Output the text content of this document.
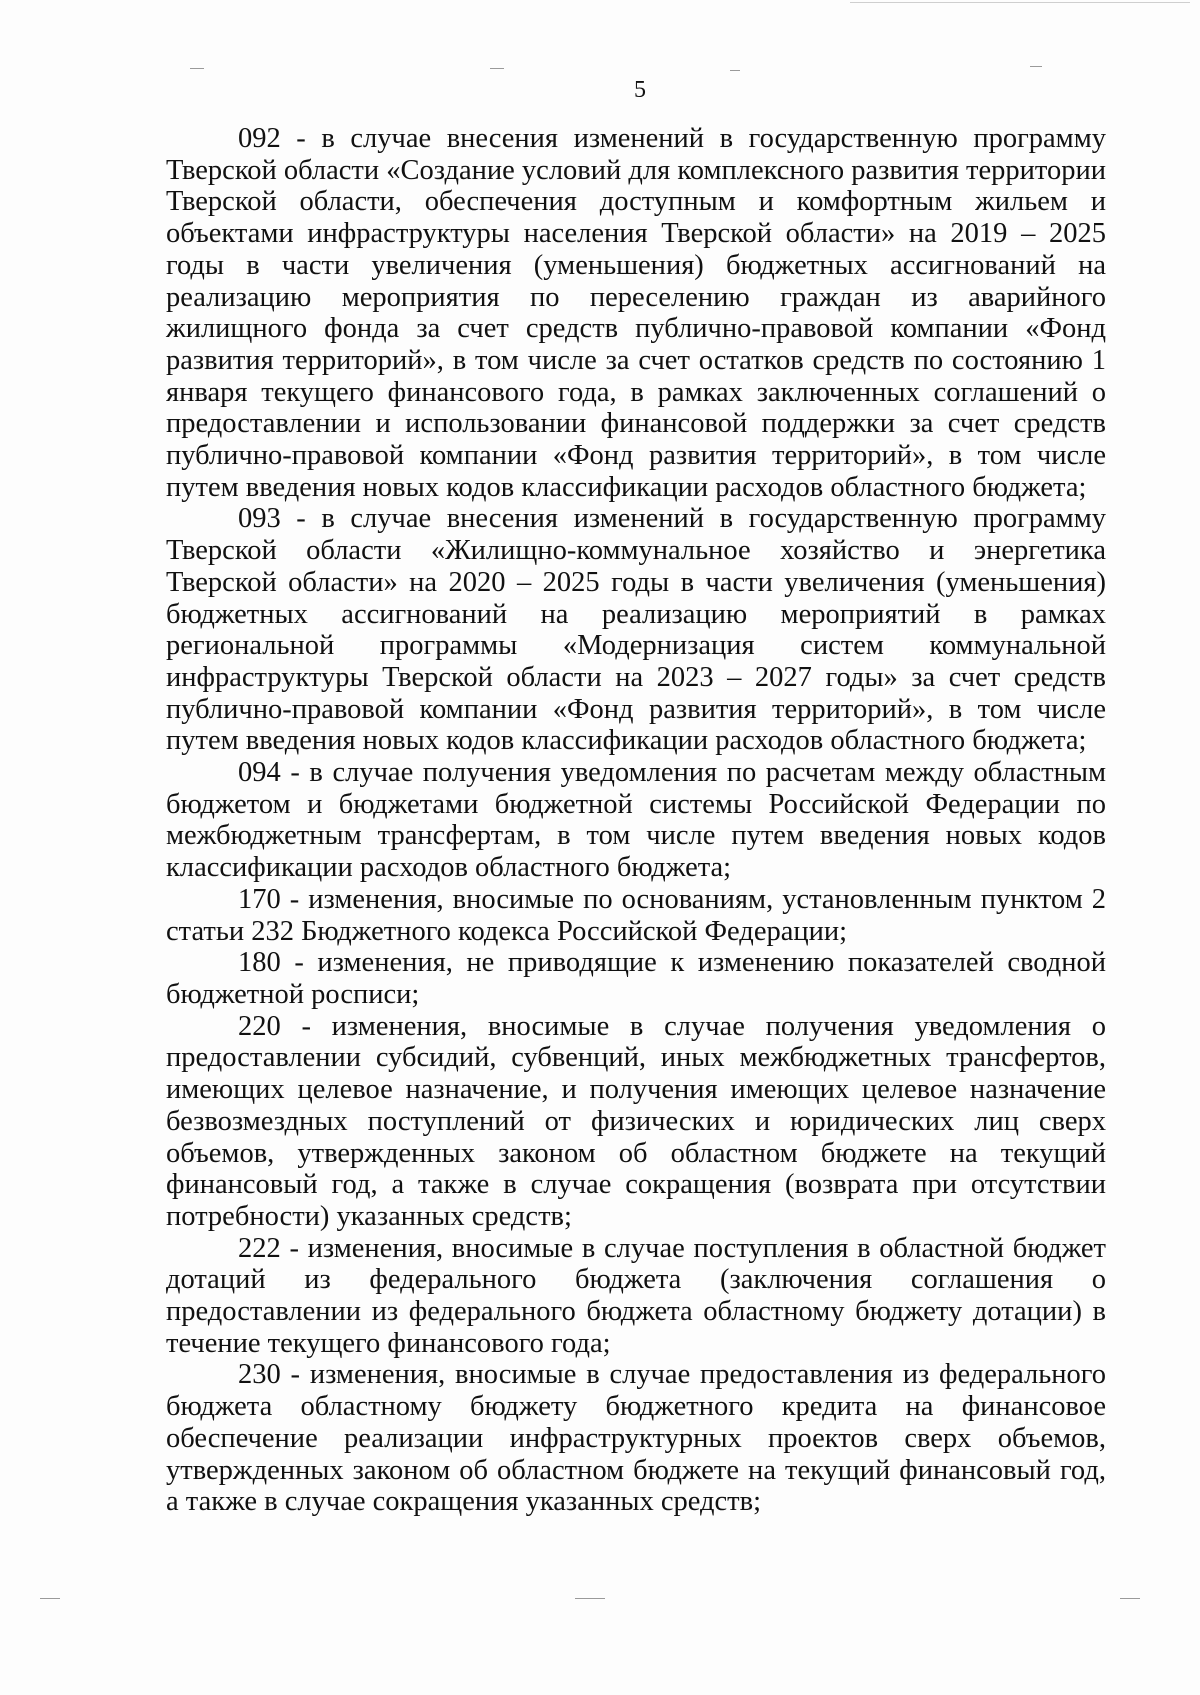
5

092 - в случае внесения изменений в государственную программу Тверской области «Создание условий для комплексного развития территории Тверской области, обеспечения доступным и комфортным жильем и объектами инфраструктуры населения Тверской области» на 2019 – 2025 годы в части увеличения (уменьшения) бюджетных ассигнований на реализацию мероприятия по переселению граждан из аварийного жилищного фонда за счет средств публично-правовой компании «Фонд развития территорий», в том числе за счет остатков средств по состоянию 1 января текущего финансового года, в рамках заключенных соглашений о предоставлении и использовании финансовой поддержки за счет средств публично-правовой компании «Фонд развития территорий», в том числе путем введения новых кодов классификации расходов областного бюджета;

093 - в случае внесения изменений в государственную программу Тверской области «Жилищно-коммунальное хозяйство и энергетика Тверской области» на 2020 – 2025 годы в части увеличения (уменьшения) бюджетных ассигнований на реализацию мероприятий в рамках региональной программы «Модернизация систем коммунальной инфраструктуры Тверской области на 2023 – 2027 годы» за счет средств публично-правовой компании «Фонд развития территорий», в том числе путем введения новых кодов классификации расходов областного бюджета;

094 - в случае получения уведомления по расчетам между областным бюджетом и бюджетами бюджетной системы Российской Федерации по межбюджетным трансфертам, в том числе путем введения новых кодов классификации расходов областного бюджета;

170 - изменения, вносимые по основаниям, установленным пунктом 2 статьи 232 Бюджетного кодекса Российской Федерации;

180 - изменения, не приводящие к изменению показателей сводной бюджетной росписи;

220 - изменения, вносимые в случае получения уведомления о предоставлении субсидий, субвенций, иных межбюджетных трансфертов, имеющих целевое назначение, и получения имеющих целевое назначение безвозмездных поступлений от физических и юридических лиц сверх объемов, утвержденных законом об областном бюджете на текущий финансовый год, а также в случае сокращения (возврата при отсутствии потребности) указанных средств;

222 - изменения, вносимые в случае поступления в областной бюджет дотаций из федерального бюджета (заключения соглашения о предоставлении из федерального бюджета областному бюджету дотации) в течение текущего финансового года;

230 - изменения, вносимые в случае предоставления из федерального бюджета областному бюджету бюджетного кредита на финансовое обеспечение реализации инфраструктурных проектов сверх объемов, утвержденных законом об областном бюджете на текущий финансовый год, а также в случае сокращения указанных средств;
